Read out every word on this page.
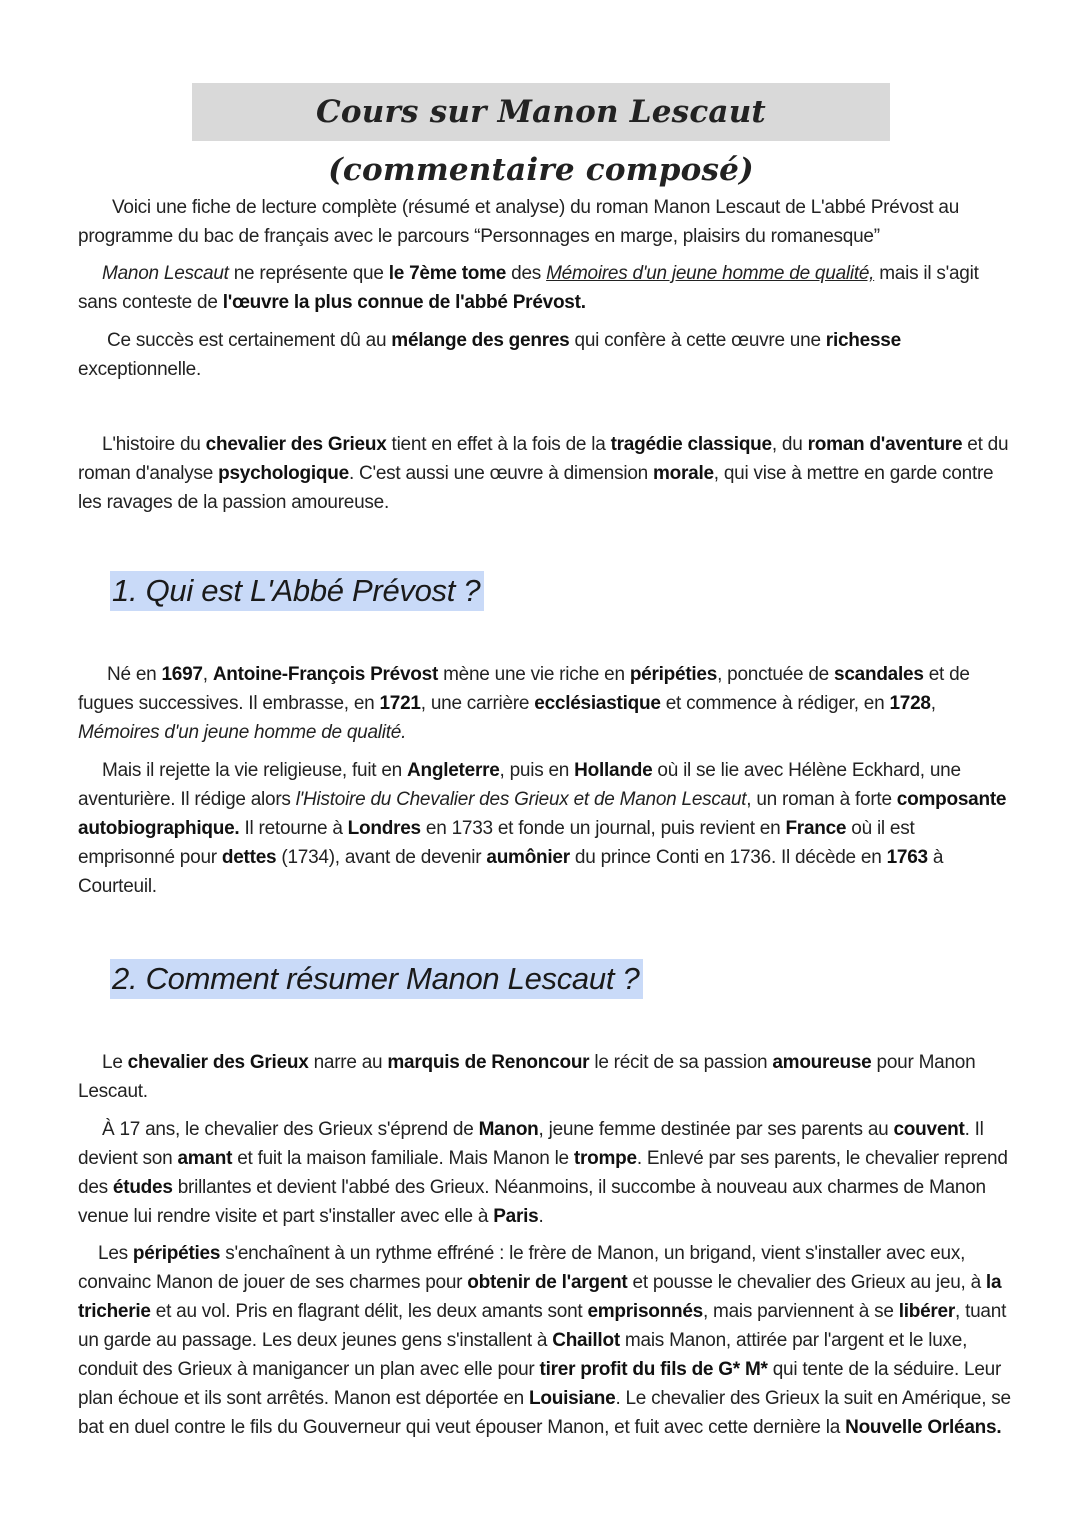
Cours sur Manon Lescaut (commentaire composé)

Voici une fiche de lecture complète (résumé et analyse) du roman Manon Lescaut de L'abbé Prévost au programme du bac de français avec le parcours “Personnages en marge, plaisirs du romanesque”

Manon Lescaut ne représente que le 7ème tome des Mémoires d'un jeune homme de qualité, mais il s'agit sans conteste de l'œuvre la plus connue de l'abbé Prévost.

Ce succès est certainement dû au mélange des genres qui confère à cette œuvre une richesse exceptionnelle.

L'histoire du chevalier des Grieux tient en effet à la fois de la tragédie classique, du roman d'aventure et du roman d'analyse psychologique. C'est aussi une œuvre à dimension morale, qui vise à mettre en garde contre les ravages de la passion amoureuse.

1. Qui est L'Abbé Prévost ?

Né en 1697, Antoine-François Prévost mène une vie riche en péripéties, ponctuée de scandales et de fugues successives. Il embrasse, en 1721, une carrière ecclésiastique et commence à rédiger, en 1728, Mémoires d'un jeune homme de qualité.

Mais il rejette la vie religieuse, fuit en Angleterre, puis en Hollande où il se lie avec Hélène Eckhard, une aventurière. Il rédige alors l'Histoire du Chevalier des Grieux et de Manon Lescaut, un roman à forte composante autobiographique. Il retourne à Londres en 1733 et fonde un journal, puis revient en France où il est emprisonné pour dettes (1734), avant de devenir aumônier du prince Conti en 1736. Il décède en 1763 à Courteuil.

2. Comment résumer Manon Lescaut ?

Le chevalier des Grieux narre au marquis de Renoncour le récit de sa passion amoureuse pour Manon Lescaut.

À 17 ans, le chevalier des Grieux s'éprend de Manon, jeune femme destinée par ses parents au couvent. Il devient son amant et fuit la maison familiale. Mais Manon le trompe. Enlevé par ses parents, le chevalier reprend des études brillantes et devient l'abbé des Grieux. Néanmoins, il succombe à nouveau aux charmes de Manon venue lui rendre visite et part s'installer avec elle à Paris.

Les péripéties s'enchaînent à un rythme effréné : le frère de Manon, un brigand, vient s'installer avec eux, convainc Manon de jouer de ses charmes pour obtenir de l'argent et pousse le chevalier des Grieux au jeu, à la tricherie et au vol. Pris en flagrant délit, les deux amants sont emprisonnés, mais parviennent à se libérer, tuant un garde au passage. Les deux jeunes gens s'installent à Chaillot mais Manon, attirée par l'argent et le luxe, conduit des Grieux à manigancer un plan avec elle pour tirer profit du fils de G* M* qui tente de la séduire. Leur plan échoue et ils sont arrêtés. Manon est déportée en Louisiane. Le chevalier des Grieux la suit en Amérique, se bat en duel contre le fils du Gouverneur qui veut épouser Manon, et fuit avec cette dernière la Nouvelle Orléans.
